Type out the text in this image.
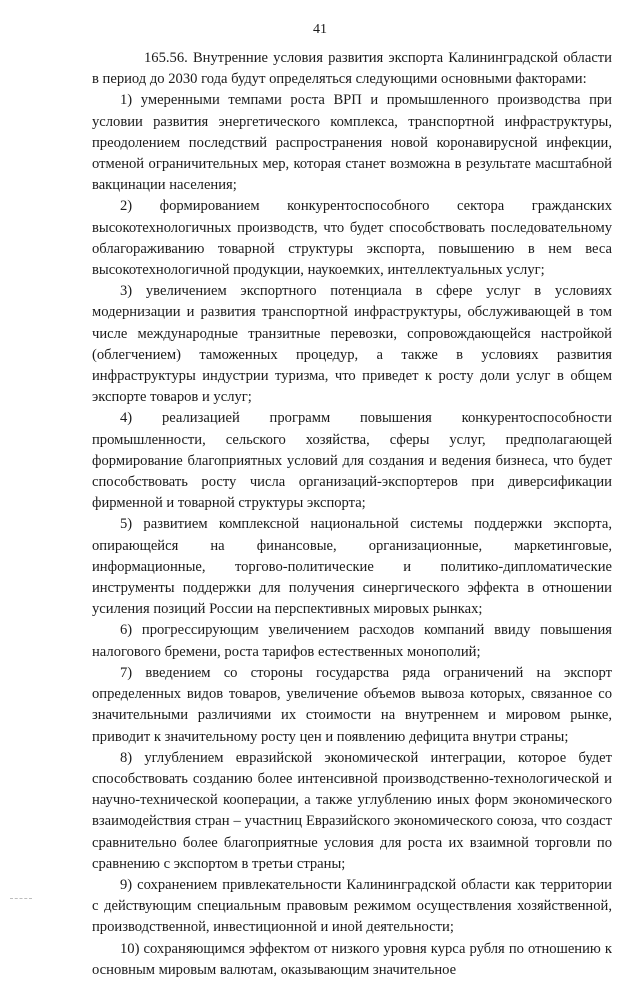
41

165.56. Внутренние условия развития экспорта Калининградской области в период до 2030 года будут определяться следующими основными факторами:

1) умеренными темпами роста ВРП и промышленного производства при условии развития энергетического комплекса, транспортной инфраструктуры, преодолением последствий распространения новой коронавирусной инфекции, отменой ограничительных мер, которая станет возможна в результате масштабной вакцинации населения;

2) формированием конкурентоспособного сектора гражданских высокотехнологичных производств, что будет способствовать последовательному облагораживанию товарной структуры экспорта, повышению в нем веса высокотехнологичной продукции, наукоемких, интеллектуальных услуг;

3) увеличением экспортного потенциала в сфере услуг в условиях модернизации и развития транспортной инфраструктуры, обслуживающей в том числе международные транзитные перевозки, сопровождающейся настройкой (облегчением) таможенных процедур, а также в условиях развития инфраструктуры индустрии туризма, что приведет к ростy доли услуг в общем экспорте товаров и услуг;

4) реализацией программ повышения конкурентоспособности промышленности, сельского хозяйства, сферы услуг, предполагающей формирование благоприятных условий для создания и ведения бизнеса, что будет способствовать росту числа организаций-экспортеров при диверсификации фирменной и товарной структуры экспорта;

5) развитием комплексной национальной системы поддержки экспорта, опирающейся на финансовые, организационные, маркетинговые, информационные, торгово-политические и политико-дипломатические инструменты поддержки для получения синергического эффекта в отношении усиления позиций России на перспективных мировых рынках;

6) прогрессирующим увеличением расходов компаний ввиду повышения налогового бремени, роста тарифов естественных монополий;

7) введением со стороны государства ряда ограничений на экспорт определенных видов товаров, увеличение объемов вывоза которых, связанное со значительными различиями их стоимости на внутреннем и мировом рынке, приводит к значительному росту цен и появлению дефицита внутри страны;

8) углублением евразийской экономической интеграции, которое будет способствовать созданию более интенсивной производственно-технологической и научно-технической кооперации, а также углублению иных форм экономического взаимодействия стран – участниц Евразийского экономического союза, что создаст сравнительно более благоприятные условия для роста их взаимной торговли по сравнению с экспортом в третьи страны;

9) сохранением привлекательности Калининградской области как территории с действующим специальным правовым режимом осуществления хозяйственной, производственной, инвестиционной и иной деятельности;

10) сохраняющимся эффектом от низкого уровня курса рубля по отношению к основным мировым валютам, оказывающим значительное
